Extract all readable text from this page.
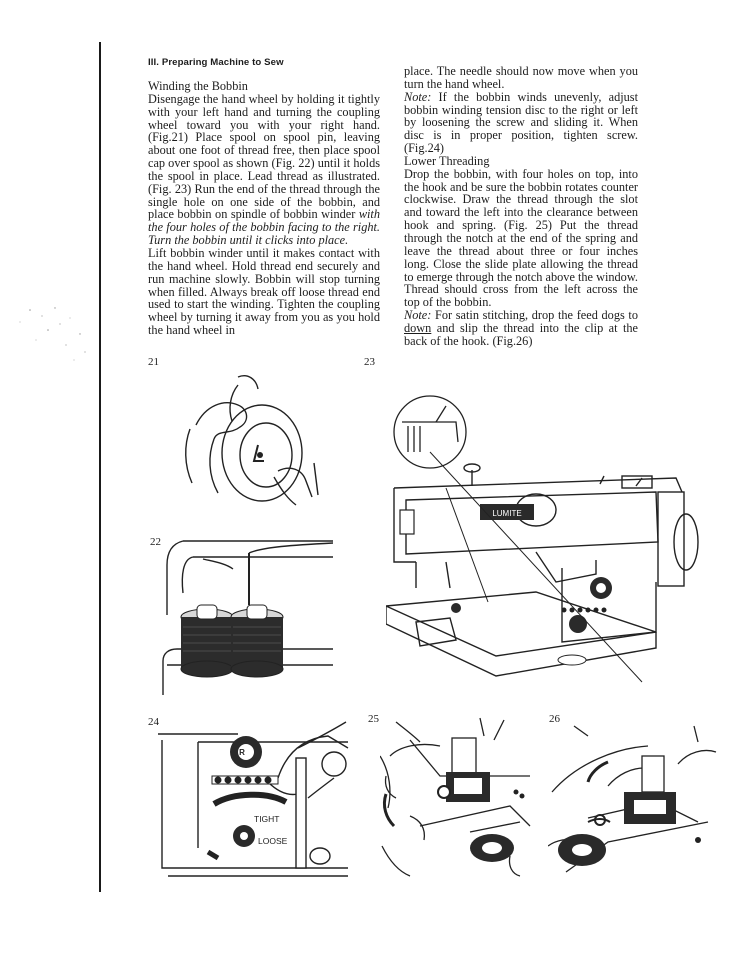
III. Preparing Machine to Sew

Winding the Bobbin

Disengage the hand wheel by holding it tightly with your left hand and turning the coupling wheel toward you with your right hand. (Fig.21) Place spool on spool pin, leaving about one foot of thread free, then place spool cap over spool as shown (Fig. 22) until it holds the spool in place. Lead thread as illustrated. (Fig. 23) Run the end of the thread through the single hole on one side of the bobbin, and place bobbin on spindle of bobbin winder with the four holes of the bobbin facing to the right. Turn the bobbin until it clicks into place.

Lift bobbin winder until it makes contact with the hand wheel. Hold thread end securely and run machine slowly. Bobbin will stop turning when filled. Always break off loose thread end used to start the winding. Tighten the coupling wheel by turning it away from you as you hold the hand wheel in

place. The needle should now move when you turn the hand wheel.

Note: If the bobbin winds unevenly, adjust bobbin winding tension disc to the right or left by loosening the screw and sliding it. When disc is in proper position, tighten screw. (Fig.24)

Lower Threading

Drop the bobbin, with four holes on top, into the hook and be sure the bobbin rotates counter clockwise. Draw the thread through the slot and toward the left into the clearance between hook and spring. (Fig. 25) Put the thread through the notch at the end of the spring and leave the thread about three or four inches long. Close the slide plate allowing the thread to emerge through the notch above the window. Thread should cross from the left across the top of the bobbin.

Note: For satin stitching, drop the feed dogs to down and slip the thread into the clip at the back of the hook. (Fig.26)

21	23
22
24	25	26
LUMITE
R
TIGHT
LOOSE
